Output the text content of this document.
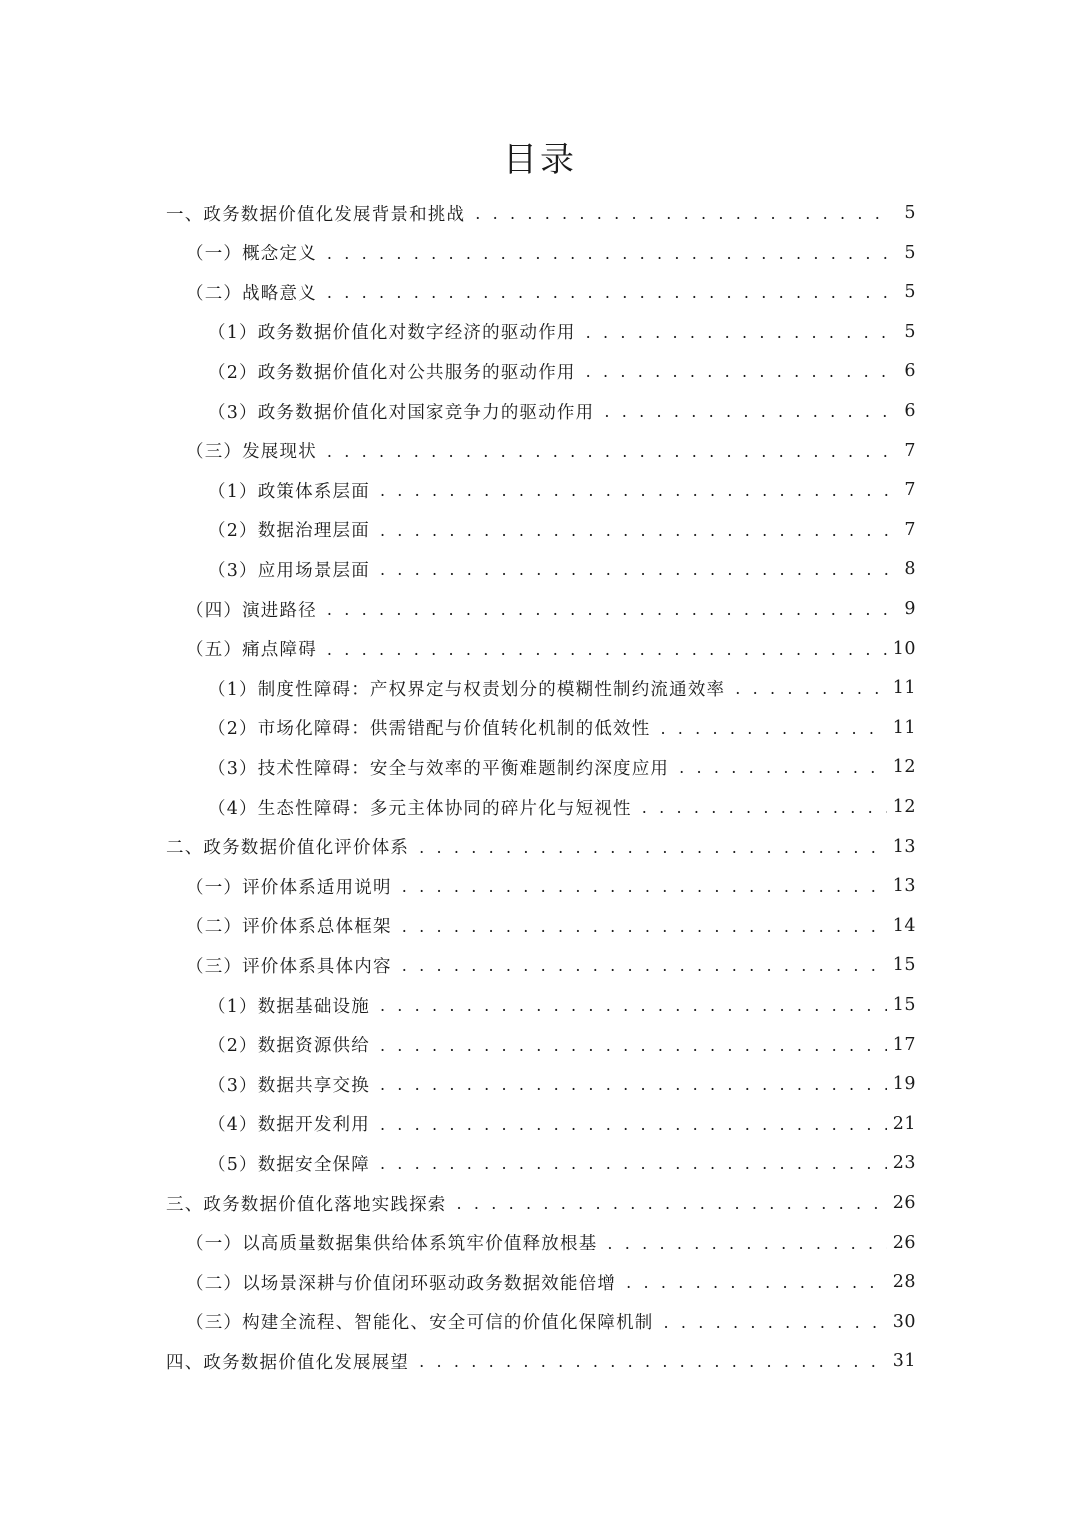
目录
一、政务数据价值化发展背景和挑战 . . .	5
（一）概念定义 . . .	5
（二）战略意义 . . .	5
（1）政务数据价值化对数字经济的驱动作用 . . .	5
（2）政务数据价值化对公共服务的驱动作用 . . .	6
（3）政务数据价值化对国家竞争力的驱动作用 . . .	6
（三）发展现状 . . .	7
（1）政策体系层面 . . .	7
（2）数据治理层面 . . .	7
（3）应用场景层面 . . .	8
（四）演进路径 . . .	9
（五）痛点障碍 . . .	10
（1）制度性障碍：产权界定与权责划分的模糊性制约流通效率 . . .	11
（2）市场化障碍：供需错配与价值转化机制的低效性 . . .	11
（3）技术性障碍：安全与效率的平衡难题制约深度应用 . . .	12
（4）生态性障碍：多元主体协同的碎片化与短视性 . . .	12
二、政务数据价值化评价体系 . . .	13
（一）评价体系适用说明 . . .	13
（二）评价体系总体框架 . . .	14
（三）评价体系具体内容 . . .	15
（1）数据基础设施 . . .	15
（2）数据资源供给 . . .	17
（3）数据共享交换 . . .	19
（4）数据开发利用 . . .	21
（5）数据安全保障 . . .	23
三、政务数据价值化落地实践探索 . . .	26
（一）以高质量数据集供给体系筑牢价值释放根基 . . .	26
（二）以场景深耕与价值闭环驱动政务数据效能倍增 . . .	28
（三）构建全流程、智能化、安全可信的价值化保障机制 . . .	30
四、政务数据价值化发展展望 . . .	31
